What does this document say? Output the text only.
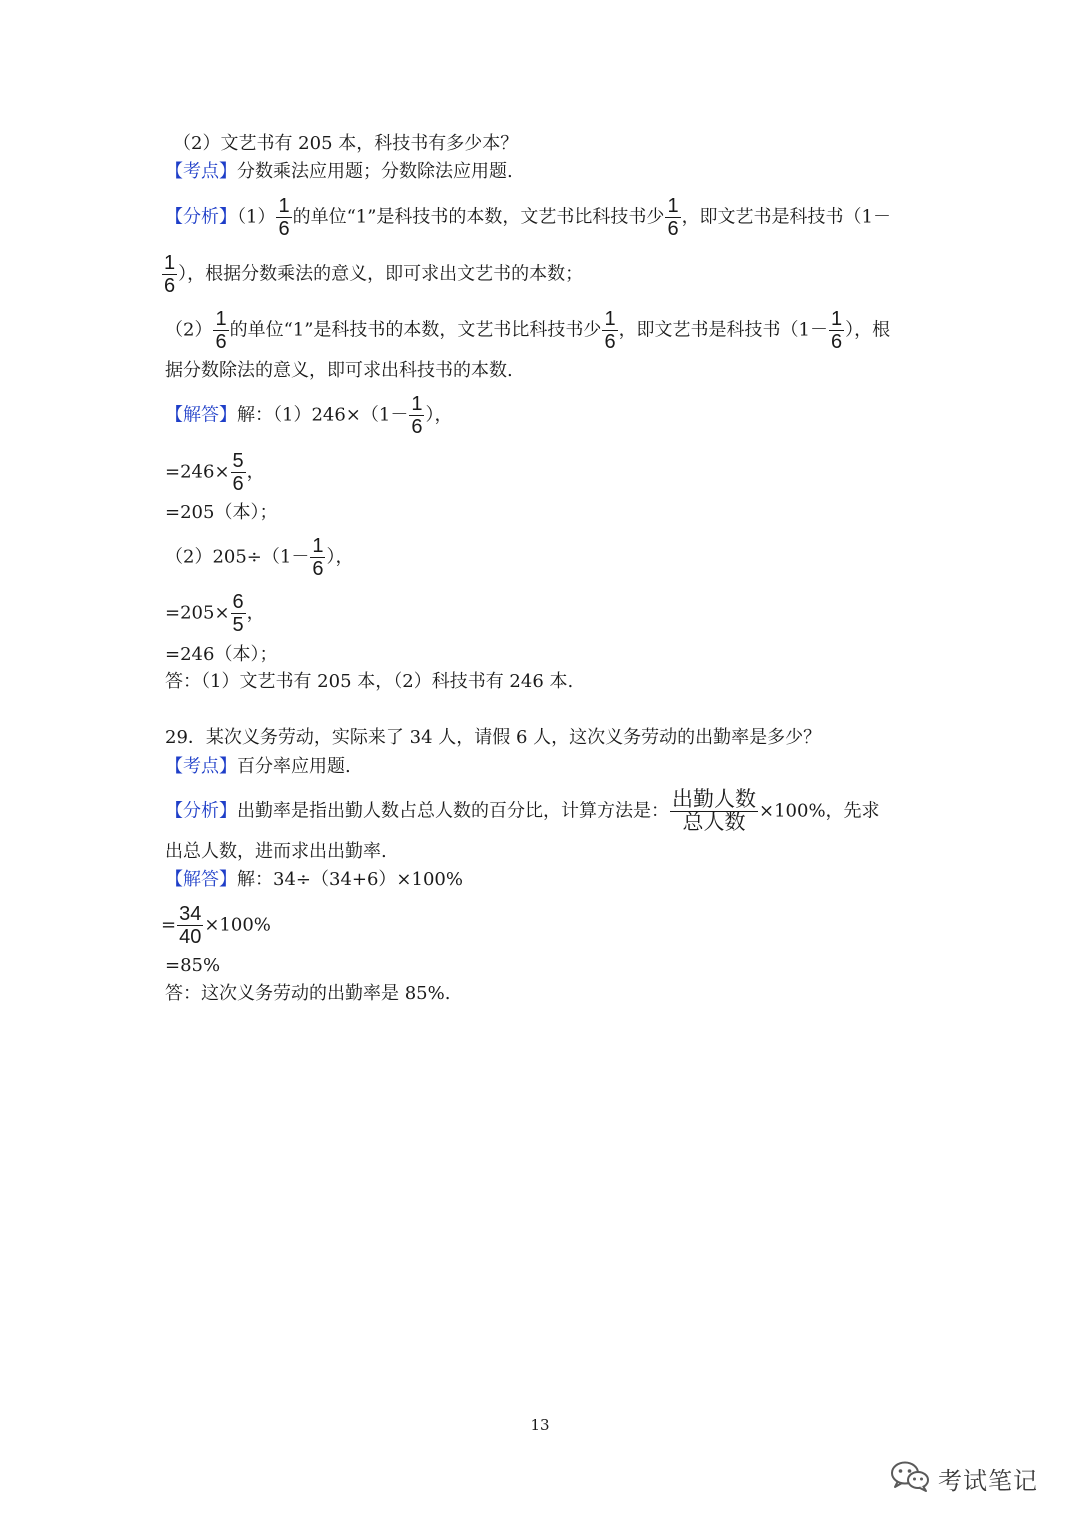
（2）文艺书有 205 本，科技书有多少本？
【考点】分数乘法应用题；分数除法应用题.
【分析】$(1) \frac{1}{6}$ 的单位“1”是科技书的本数，文艺书比科技书少 $\frac{1}{6}$ ，即文艺书是科技书（1－
$\frac{1}{6}$ ），根据分数乘法的意义，即可求出文艺书的本数；
$(2) \frac{1}{6}$ 的单位“1”是科技书的本数，文艺书比科技书少 $\frac{1}{6}$ ，即文艺书是科技书（$1- \frac{1}{6}$ ），根
据分数除法的意义，即可求出科技书的本数.
【解答】解：$(1)246\times(1- \frac{1}{6}$ ），
$=246\times \frac{5}{6}$ ，
=205（本）；
$(2)205\div(1- \frac{1}{6}$ ），
$=205\times \frac{6}{5}$ ，
=246（本）；
答：（1）文艺书有 205 本，（2）科技书有 246 本.
29．某次义务劳动，实际来了 34 人，请假 6 人，这次义务劳动的出勤率是多少？
【考点】百分率应用题.
【分析】出勤率是指出勤人数占总人数的百分比，计算方法是： $\frac{\text{出勤人数}}{\text{总人数}} \times 100\%$，先求
出总人数，进而求出出勤率.
【解答】解：34÷（34+6）×100%
= $\frac{34}{40} \times 100\%$
=85%
答：这次义务劳动的出勤率是 85%.
13
考试笔记
